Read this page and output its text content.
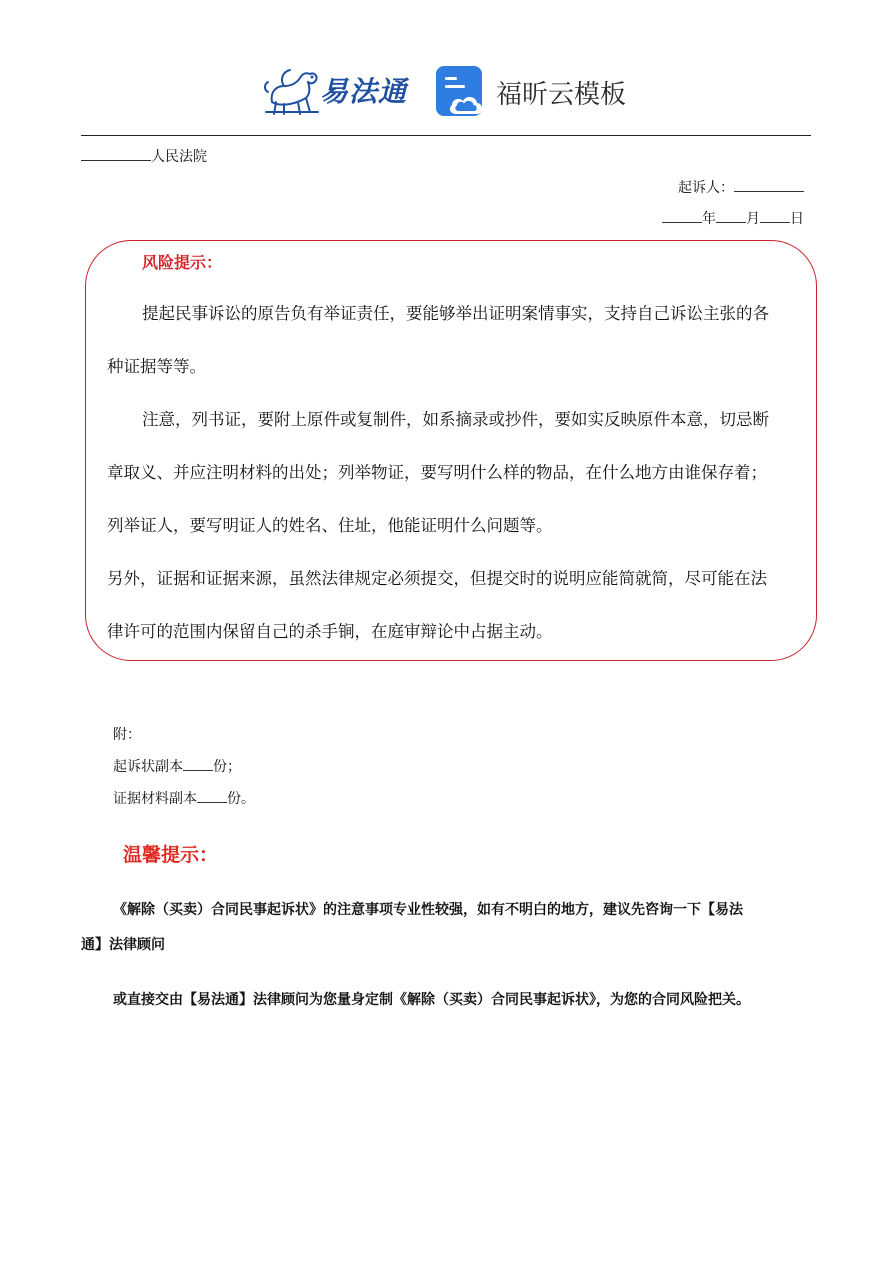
易法通	福昕云模板
人民法院
起诉人：
年 月 日
风险提示：
提起民事诉讼的原告负有举证责任，要能够举出证明案情事实，支持自己诉讼主张的各
种证据等等。
注意，列书证，要附上原件或复制件，如系摘录或抄件，要如实反映原件本意，切忌断
章取义、并应注明材料的出处；列举物证，要写明什么样的物品，在什么地方由谁保存着；
列举证人，要写明证人的姓名、住址，他能证明什么问题等。
另外，证据和证据来源，虽然法律规定必须提交，但提交时的说明应能简就简，尽可能在法
律许可的范围内保留自己的杀手锏，在庭审辩论中占据主动。
附：
起诉状副本 份；
证据材料副本 份。
温馨提示：
《解除（买卖）合同民事起诉状》的注意事项专业性较强，如有不明白的地方，建议先咨询一下【易法
通】法律顾问
或直接交由【易法通】法律顾问为您量身定制《解除（买卖）合同民事起诉状》，为您的合同风险把关。
